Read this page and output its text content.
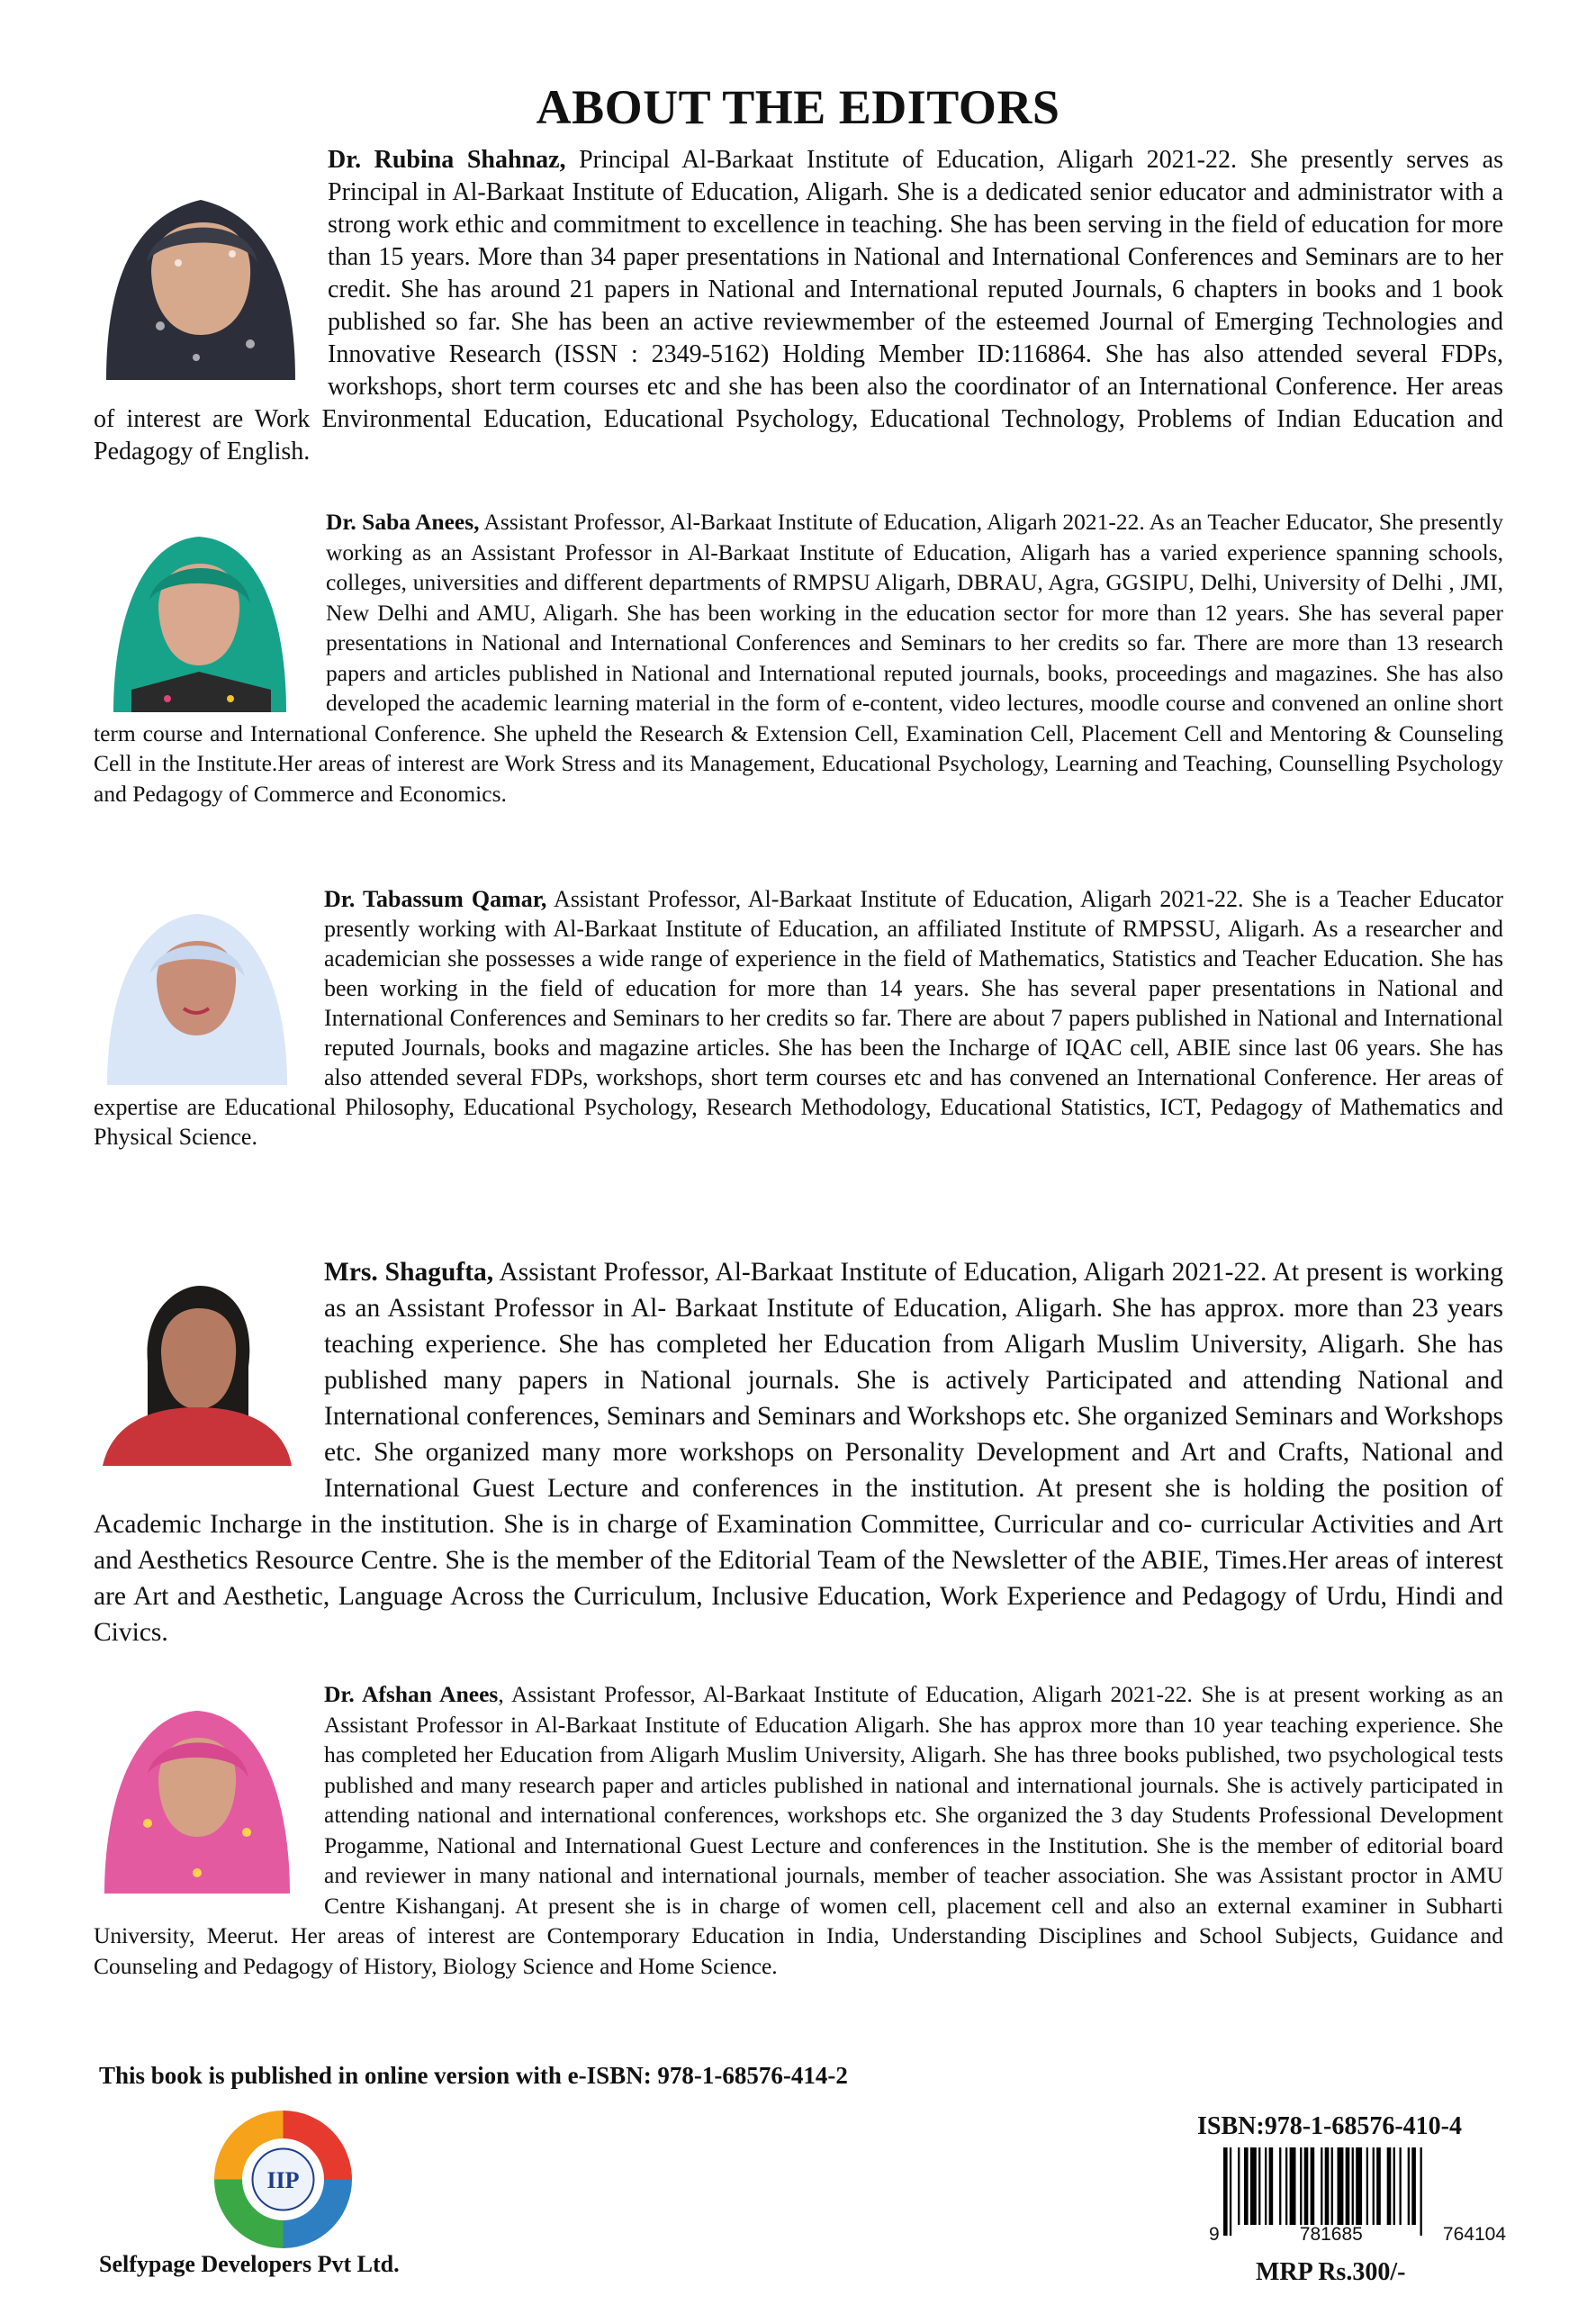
ABOUT THE EDITORS

Dr. Rubina Shahnaz, Principal Al-Barkaat Institute of Education, Aligarh 2021-22. She presently serves as Principal in Al-Barkaat Institute of Education, Aligarh. She is a dedicated senior educator and administrator with a strong work ethic and commitment to excellence in teaching. She has been serving in the field of education for more than 15 years. More than 34 paper presentations in National and International Conferences and Seminars are to her credit. She has around 21 papers in National and International reputed Journals, 6 chapters in books and 1 book published so far. She has been an active reviewmember of the esteemed Journal of Emerging Technologies and Innovative Research (ISSN : 2349-5162) Holding Member ID:116864. She has also attended several FDPs, workshops, short term courses etc and she has been also the coordinator of an International Conference. Her areas of interest are Work Environmental Education, Educational Psychology, Educational Technology, Problems of Indian Education and Pedagogy of English.

Dr. Saba Anees, Assistant Professor, Al-Barkaat Institute of Education, Aligarh 2021-22. As an Teacher Educator, She presently working as an Assistant Professor in Al-Barkaat Institute of Education, Aligarh has a varied experience spanning schools, colleges, universities and different departments of RMPSU Aligarh, DBRAU, Agra, GGSIPU, Delhi, University of Delhi , JMI, New Delhi and AMU, Aligarh. She has been working in the education sector for more than 12 years. She has several paper presentations in National and International Conferences and Seminars to her credits so far. There are more than 13 research papers and articles published in National and International reputed journals, books, proceedings and magazines. She has also developed the academic learning material in the form of e-content, video lectures, moodle course and convened an online short term course and International Conference. She upheld the Research & Extension Cell, Examination Cell, Placement Cell and Mentoring & Counseling Cell in the Institute.Her areas of interest are Work Stress and its Management, Educational Psychology, Learning and Teaching, Counselling Psychology and Pedagogy of Commerce and Economics.

Dr. Tabassum Qamar, Assistant Professor, Al-Barkaat Institute of Education, Aligarh 2021-22. She is a Teacher Educator presently working with Al-Barkaat Institute of Education, an affiliated Institute of RMPSSU, Aligarh. As a researcher and academician she possesses a wide range of experience in the field of Mathematics, Statistics and Teacher Education. She has been working in the field of education for more than 14 years. She has several paper presentations in National and International Conferences and Seminars to her credits so far. There are about 7 papers published in National and International reputed Journals, books and magazine articles. She has been the Incharge of IQAC cell, ABIE since last 06 years. She has also attended several FDPs, workshops, short term courses etc and has convened an International Conference. Her areas of expertise are Educational Philosophy, Educational Psychology, Research Methodology, Educational Statistics, ICT, Pedagogy of Mathematics and Physical Science.

Mrs. Shagufta, Assistant Professor, Al-Barkaat Institute of Education, Aligarh 2021-22. At present is working as an Assistant Professor in Al- Barkaat Institute of Education, Aligarh. She has approx. more than 23 years teaching experience. She has completed her Education from Aligarh Muslim University, Aligarh. She has published many papers in National journals. She is actively Participated and attending National and International conferences, Seminars and Seminars and Workshops etc. She organized Seminars and Workshops etc. She organized many more workshops on Personality Development and Art and Crafts, National and International Guest Lecture and conferences in the institution. At present she is holding the position of Academic Incharge in the institution. She is in charge of Examination Committee, Curricular and co- curricular Activities and Art and Aesthetics Resource Centre. She is the member of the Editorial Team of the Newsletter of the ABIE, Times.Her areas of interest are Art and Aesthetic, Language Across the Curriculum, Inclusive Education, Work Experience and Pedagogy of Urdu, Hindi and Civics.

Dr. Afshan Anees, Assistant Professor, Al-Barkaat Institute of Education, Aligarh 2021-22. She is at present working as an Assistant Professor in Al-Barkaat Institute of Education Aligarh. She has approx more than 10 year teaching experience. She has completed her Education from Aligarh Muslim University, Aligarh. She has three books published, two psychological tests published and many research paper and articles published in national and international journals. She is actively participated in attending national and international conferences, workshops etc. She organized the 3 day Students Professional Development Progamme, National and International Guest Lecture and conferences in the Institution. She is the member of editorial board and reviewer in many national and international journals, member of teacher association. She was Assistant proctor in AMU Centre Kishanganj. At present she is in charge of women cell, placement cell and also an external examiner in Subharti University, Meerut. Her areas of interest are Contemporary Education in India, Understanding Disciplines and School Subjects, Guidance and Counseling and Pedagogy of History, Biology Science and Home Science.

This book is published in online version with e-ISBN: 978-1-68576-414-2
IIP
Selfypage Developers Pvt Ltd.
ISBN:978-1-68576-410-4
9	781685	764104
MRP Rs.300/-
